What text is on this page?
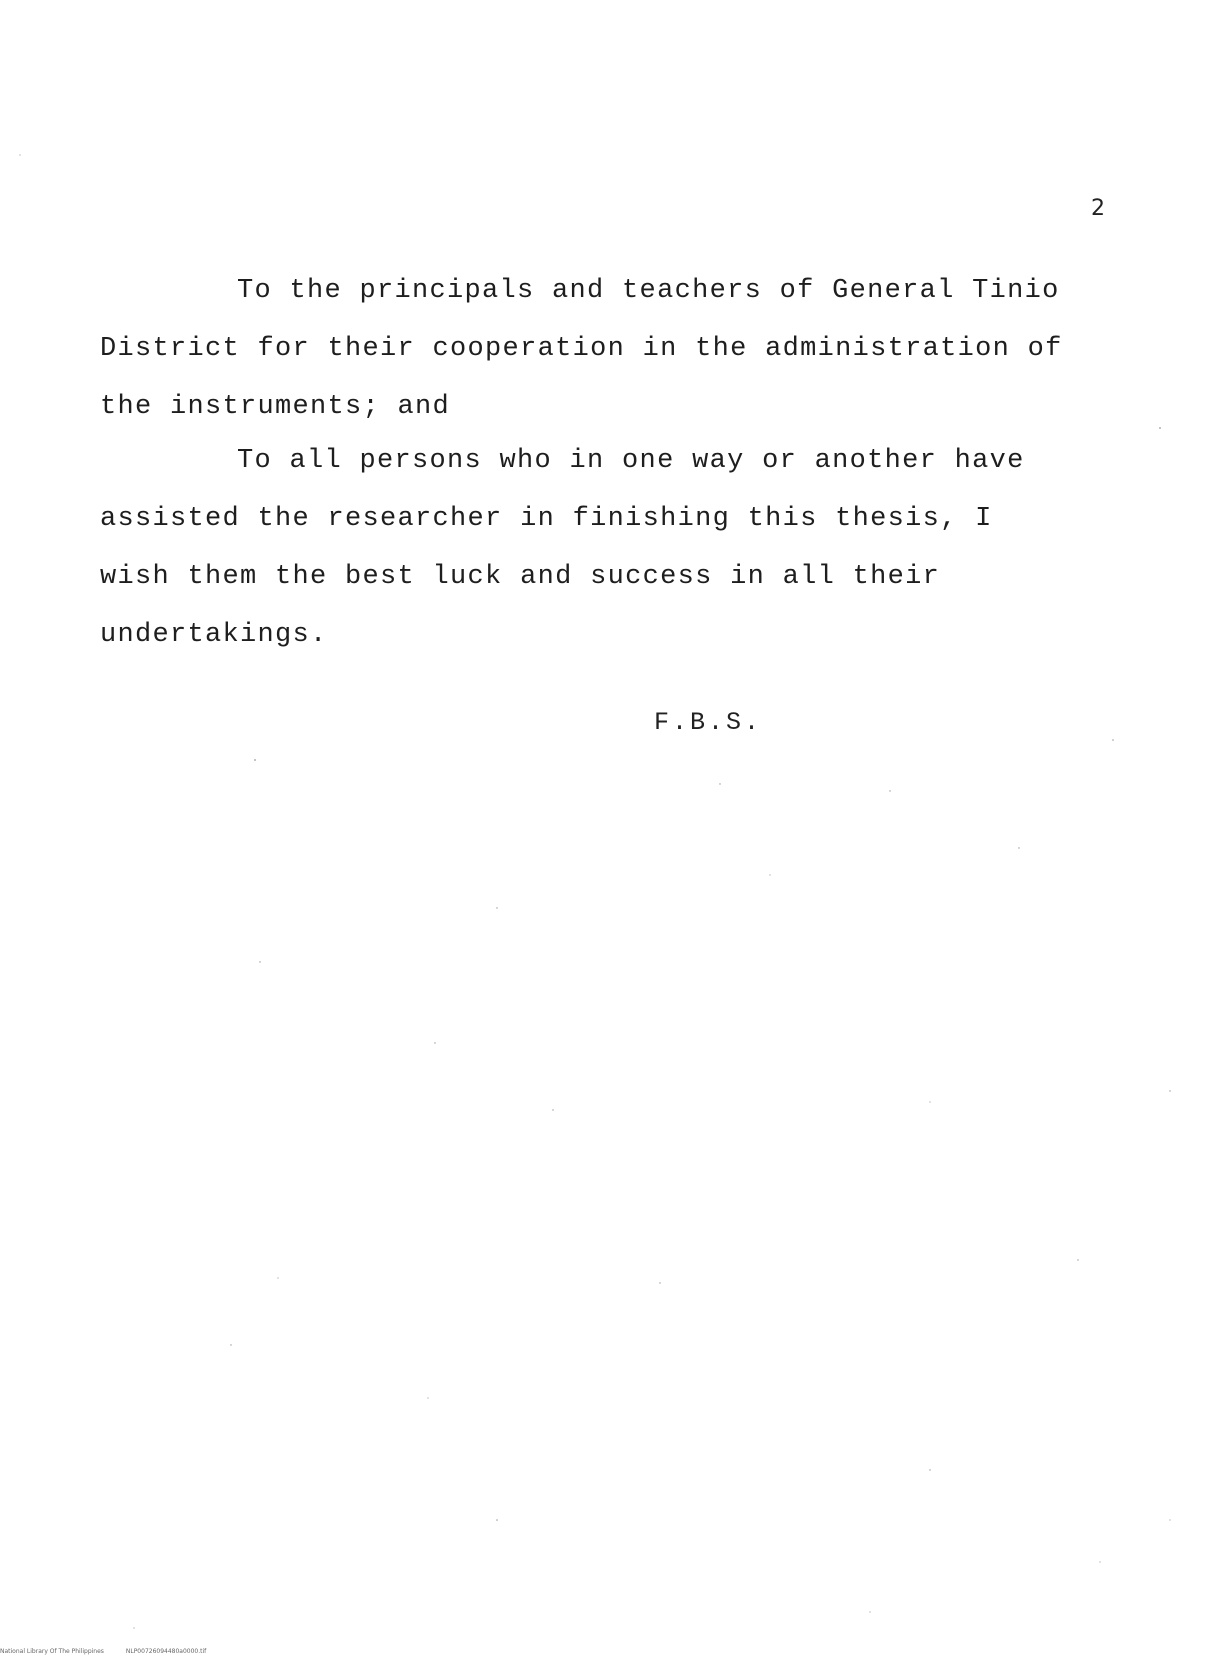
2

To the principals and teachers of General Tinio District for their cooperation in the administration of the instruments; and

To all persons who in one way or another have assisted the researcher in finishing this thesis, I wish them the best luck and success in all their undertakings.

F.B.S.
National Library Of The Philippines	NLP00726094480a0000.tif
